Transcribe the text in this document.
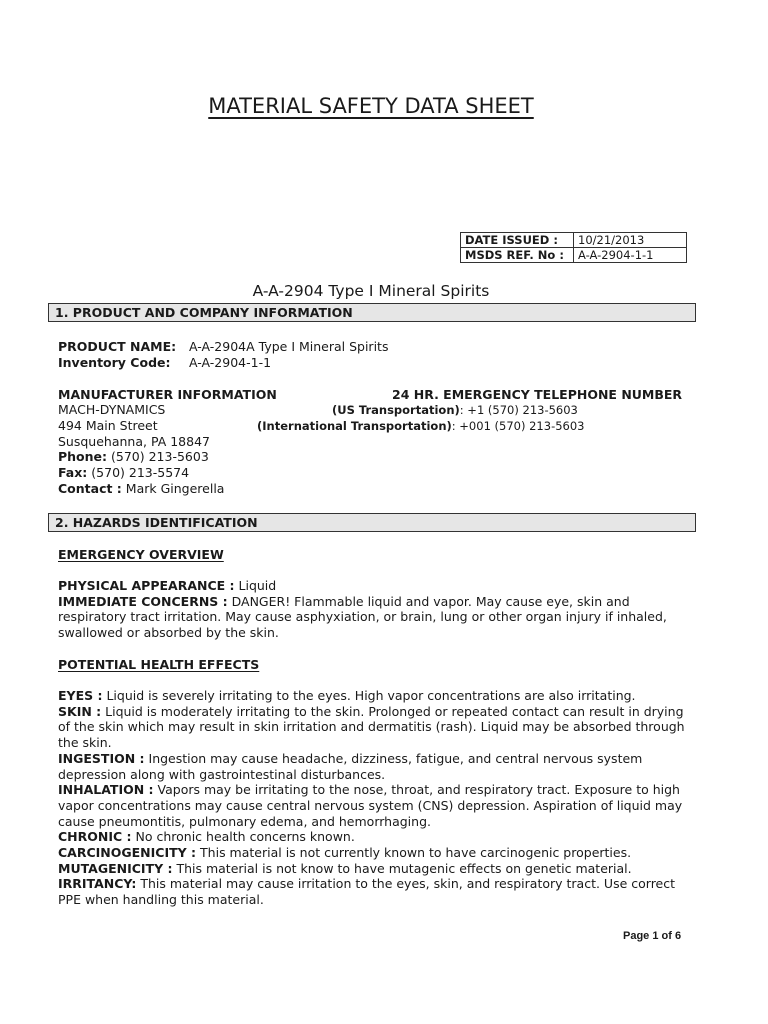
MATERIAL SAFETY DATA SHEET
DATE ISSUED :	10/21/2013
MSDS REF. No :	A-A-2904-1-1
A-A-2904 Type I Mineral Spirits
1. PRODUCT AND COMPANY INFORMATION
PRODUCT NAME: A-A-2904A Type I Mineral Spirits
Inventory Code: A-A-2904-1-1
MANUFACTURER INFORMATION	24 HR. EMERGENCY TELEPHONE NUMBER
MACH-DYNAMICS	(US Transportation): +1 (570) 213-5603
494 Main Street	(International Transportation): +001 (570) 213-5603
Susquehanna, PA 18847
Phone: (570) 213-5603
Fax: (570) 213-5574
Contact : Mark Gingerella
2. HAZARDS IDENTIFICATION
EMERGENCY OVERVIEW
PHYSICAL APPEARANCE : Liquid
IMMEDIATE CONCERNS : DANGER! Flammable liquid and vapor. May cause eye, skin and respiratory tract irritation. May cause asphyxiation, or brain, lung or other organ injury if inhaled, swallowed or absorbed by the skin.
POTENTIAL HEALTH EFFECTS
EYES : Liquid is severely irritating to the eyes. High vapor concentrations are also irritating.
SKIN : Liquid is moderately irritating to the skin. Prolonged or repeated contact can result in drying of the skin which may result in skin irritation and dermatitis (rash). Liquid may be absorbed through the skin.
INGESTION : Ingestion may cause headache, dizziness, fatigue, and central nervous system depression along with gastrointestinal disturbances.
INHALATION : Vapors may be irritating to the nose, throat, and respiratory tract. Exposure to high vapor concentrations may cause central nervous system (CNS) depression. Aspiration of liquid may cause pneumontitis, pulmonary edema, and hemorrhaging.
CHRONIC : No chronic health concerns known.
CARCINOGENICITY : This material is not currently known to have carcinogenic properties.
MUTAGENICITY : This material is not know to have mutagenic effects on genetic material.
IRRITANCY: This material may cause irritation to the eyes, skin, and respiratory tract. Use correct PPE when handling this material.
Page 1 of 6
